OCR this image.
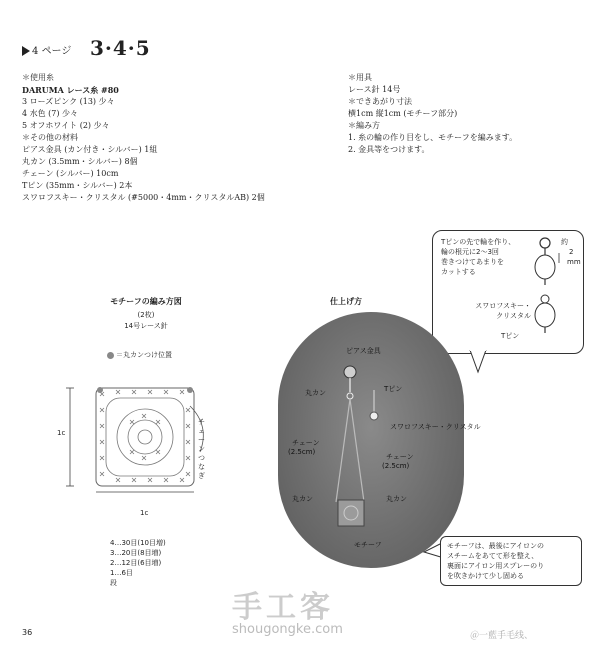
4 ページ 3·4·5
＊使用糸
DARUMA レース糸 #80
3 ローズピンク (13) 少々
4 水色 (7) 少々
5 オフホワイト (2) 少々
＊その他の材料
ピアス金具 (カン付き・シルバー) 1組
丸カン (3.5mm・シルバー) 8個
チェーン (シルバー) 10cm
Tピン (35mm・シルバー) 2本
スワロフスキー・クリスタル (#5000・4mm・クリスタルAB) 2個
＊用具
レース針 14号
＊できあがり寸法
横1cm 縦1cm (モチーフ部分)
＊編み方
1. 糸の輪の作り目をし、モチーフを編みます。
2. 金具等をつけます。
Tピンの先で輪を作り、
輪の根元に2〜3回
巻きつけてあまりを
カットする
約
2
mm
スワロフスキー・
クリスタル
Tピン
モチーフの編み方図
(2枚)
14号レース針
＝丸カンつけ位置
1c
1c
チェーンつなぎ
4…30目(10目増)
3…20目(8目増)
2…12目(6目増)
1…6目
段
仕上げ方
ピアス金具
丸カン	Tピン
スワロフスキー・クリスタル
チェーン
(2.5cm)
チェーン
(2.5cm)
丸カン	丸カン
モチーフ	モチーフは、最後にアイロンの
スチームをあてて形を整え、
裏面にアイロン用スプレーのり
を吹きかけて少し固める
36
手工客
shougongke.com	＠一藍手毛线、
